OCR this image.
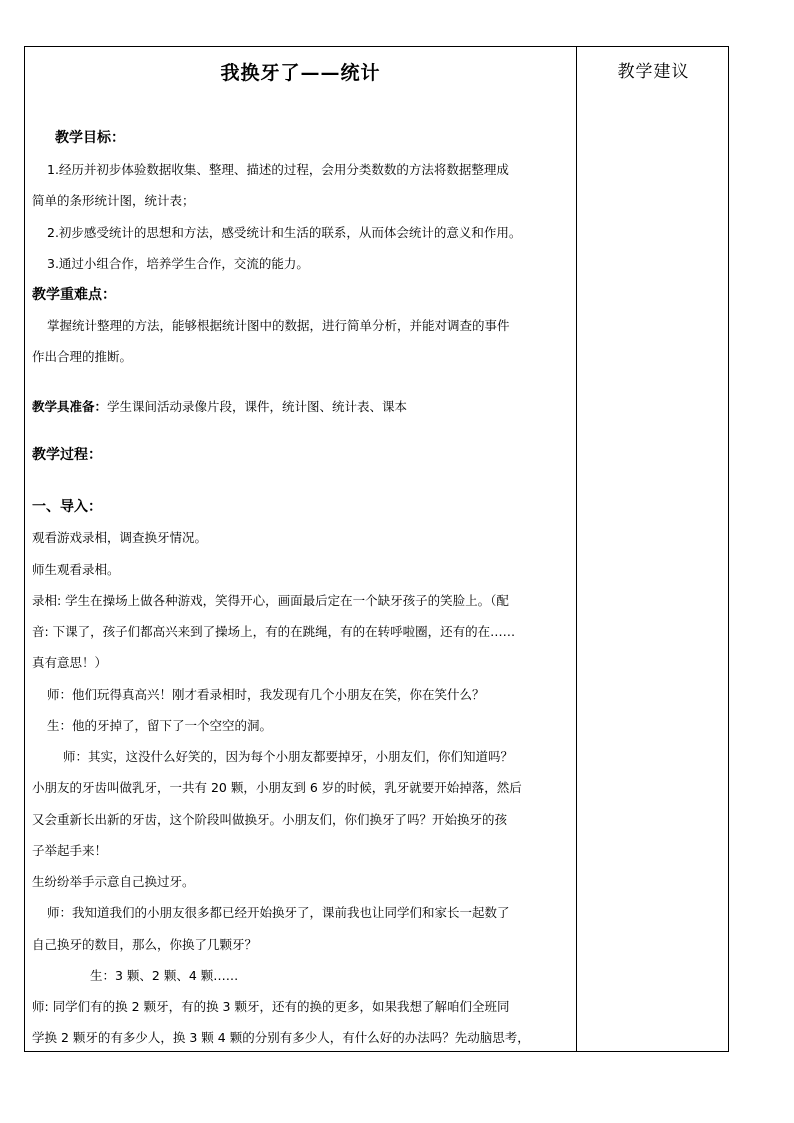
我换牙了——统计
教学目标：
1.经历并初步体验数据收集、整理、描述的过程，会用分类数数的方法将数据整理成
简单的条形统计图，统计表；
2.初步感受统计的思想和方法，感受统计和生活的联系，从而体会统计的意义和作用。
3.通过小组合作，培养学生合作，交流的能力。
教学重难点：
掌握统计整理的方法，能够根据统计图中的数据，进行简单分析，并能对调查的事件
作出合理的推断。
教学具准备：学生课间活动录像片段，课件，统计图、统计表、课本
教学过程：
一、导入：
观看游戏录相，调查换牙情况。
师生观看录相。
录相: 学生在操场上做各种游戏，笑得开心，画面最后定在一个缺牙孩子的笑脸上。（配
音: 下课了，孩子们都高兴来到了操场上，有的在跳绳，有的在转呼啦圈，还有的在……
真有意思！）
师：他们玩得真高兴！刚才看录相时，我发现有几个小朋友在笑，你在笑什么？
生：他的牙掉了，留下了一个空空的洞。
师：其实，这没什么好笑的，因为每个小朋友都要掉牙，小朋友们，你们知道吗？
小朋友的牙齿叫做乳牙，一共有 20 颗，小朋友到 6 岁的时候，乳牙就要开始掉落，然后
又会重新长出新的牙齿，这个阶段叫做换牙。小朋友们，你们换牙了吗？开始换牙的孩
子举起手来！
生纷纷举手示意自己换过牙。
师：我知道我们的小朋友很多都已经开始换牙了，课前我也让同学们和家长一起数了
自己换牙的数目，那么，你换了几颗牙？
生：3 颗、2 颗、4 颗……
师: 同学们有的换 2 颗牙，有的换 3 颗牙，还有的换的更多，如果我想了解咱们全班同
学换 2 颗牙的有多少人，换 3 颗 4 颗的分别有多少人，有什么好的办法吗？先动脑思考，
教学建议
